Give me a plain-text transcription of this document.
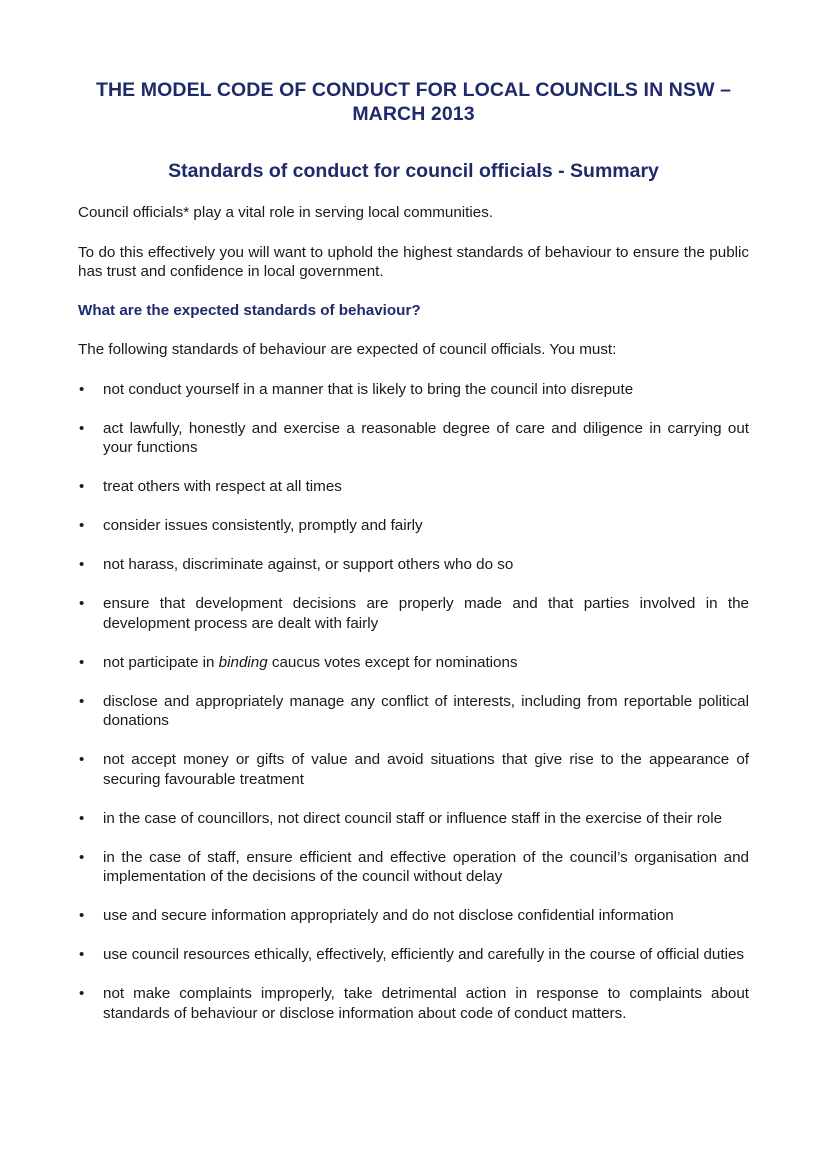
THE MODEL CODE OF CONDUCT FOR LOCAL COUNCILS IN NSW – MARCH 2013
Standards of conduct for council officials - Summary

Council officials* play a vital role in serving local communities.

To do this effectively you will want to uphold the highest standards of behaviour to ensure the public has trust and confidence in local government.

What are the expected standards of behaviour?

The following standards of behaviour are expected of council officials. You must:

• not conduct yourself in a manner that is likely to bring the council into disrepute
• act lawfully, honestly and exercise a reasonable degree of care and diligence in carrying out your functions
• treat others with respect at all times
• consider issues consistently, promptly and fairly
• not harass, discriminate against, or support others who do so
• ensure that development decisions are properly made and that parties involved in the development process are dealt with fairly
• not participate in binding caucus votes except for nominations
• disclose and appropriately manage any conflict of interests, including from reportable political donations
• not accept money or gifts of value and avoid situations that give rise to the appearance of securing favourable treatment
• in the case of councillors, not direct council staff or influence staff in the exercise of their role
• in the case of staff, ensure efficient and effective operation of the council’s organisation and implementation of the decisions of the council without delay
• use and secure information appropriately and do not disclose confidential information
• use council resources ethically, effectively, efficiently and carefully in the course of official duties
• not make complaints improperly, take detrimental action in response to complaints about standards of behaviour or disclose information about code of conduct matters.
